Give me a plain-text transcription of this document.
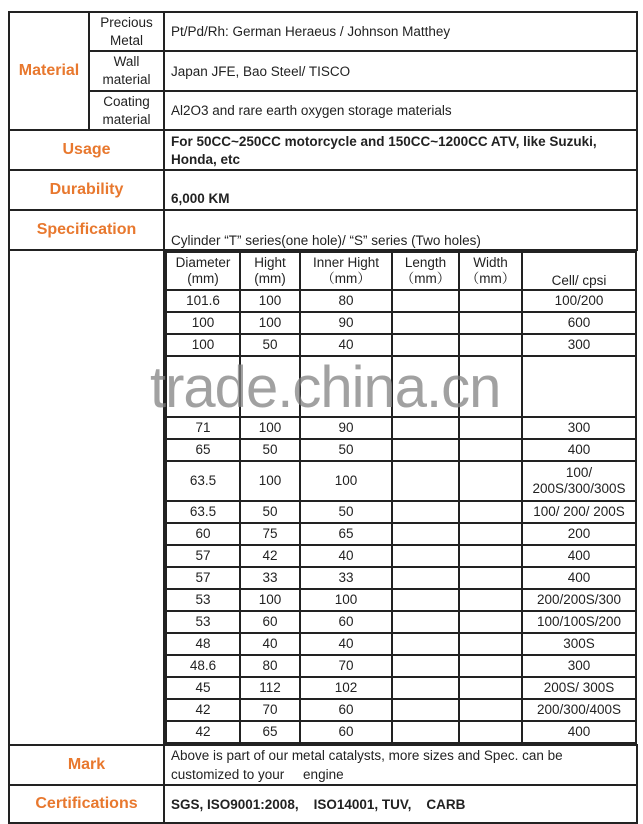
Material	Precious Metal	Pt/Pd/Rh: German Heraeus / Johnson Matthey
Wall material	Japan JFE, Bao Steel/ TISCO
Coating material	Al2O3 and rare earth oxygen storage materials
Usage	For 50CC~250CC motorcycle and 150CC~1200CC ATV, like Suzuki, Honda, etc
Durability	6,000 KM
Specification	Cylinder “T” series(one hole)/ “S” series (Two holes)

Diameter (mm)	Hight (mm)	Inner Hight （mm）	Length （mm）	Width （mm）	Cell/ cpsi
101.6	100	80			100/200
100	100	90			600
100	50	40			300

71	100	90			300
65	50	50			400
63.5	100	100			100/ 200S/300/300S
63.5	50	50			100/ 200/ 200S
60	75	65			200
57	42	40			400
57	33	33			400
53	100	100			200/200S/300
53	60	60			100/100S/200
48	40	40			300S
48.6	80	70			300
45	112	102			200S/ 300S
42	70	60			200/300/400S
42	65	60			400

Mark	Above is part of our metal catalysts, more sizes and Spec. can be customized to your     engine
Certifications	SGS, ISO9001:2008,    ISO14001, TUV,    CARB
trade.china.cn
